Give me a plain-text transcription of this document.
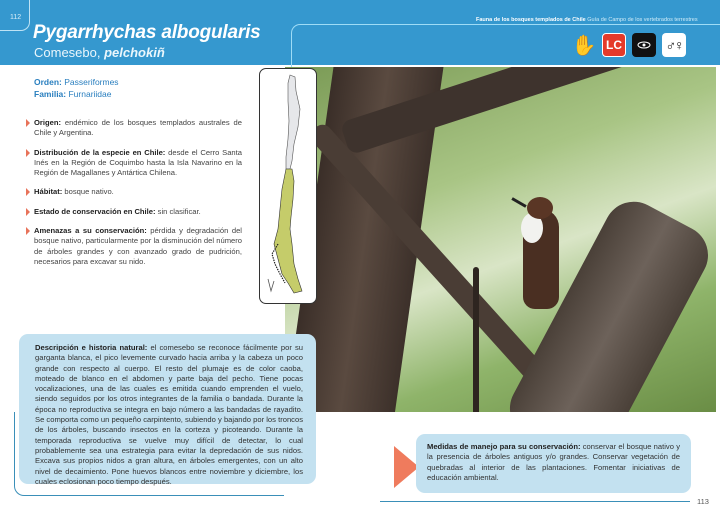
112
Pygarrhychas albogularis
Comesebo, pelchokiñ
Fauna de los bosques templados de Chile Guía de Campo de los vertebrados terrestres
✋ LC	♂♀
Orden: Passeriformes
Familia: Furnariidae
Origen: endémico de los bosques templados australes de Chile y Argentina.
Distribución de la especie en Chile: desde el Cerro Santa Inés en la Región de Coquimbo hasta la Isla Navarino en la Región de Magallanes y Antártica Chilena.
Hábitat: bosque nativo.
Estado de conservación en Chile: sin clasificar.
Amenazas a su conservación: pérdida y degradación del bosque nativo, particularmente por la disminución del número de árboles grandes y con avanzado grado de pudrición, necesarios para excavar su nido.
Descripción e historia natural: el comesebo se reconoce fácilmente por su garganta blanca, el pico levemente curvado hacia arriba y la cabeza un poco grande con respecto al cuerpo. El resto del plumaje es de color caoba, moteado de blanco en el abdomen y parte baja del pecho. Tiene pocas vocalizaciones, una de las cuales es emitida cuando emprenden el vuelo, siendo seguidos por los otros integrantes de la familia o bandada. Durante la época no reproductiva se integra en bajo número a las bandadas de rayadito. Se comporta como un pequeño carpintento, subiendo y bajando por los troncos de los árboles, buscando insectos en la corteza y picoteando. Durante la temporada reproductiva se vuelve muy difícil de detectar, lo cual probablemente sea una estrategia para evitar la depredación de sus nidos. Excava sus propios nidos a gran altura, en árboles emergentes, con un alto nivel de decaimiento. Pone huevos blancos entre noviembre y diciembre, los cuales eclosionan poco tiempo después.
Medidas de manejo para su conservación: conservar el bosque nativo y la presencia de árboles antiguos y/o grandes. Conservar vegetación de quebradas al interior de las plantaciones. Fomentar iniciativas de educación ambiental.
113
